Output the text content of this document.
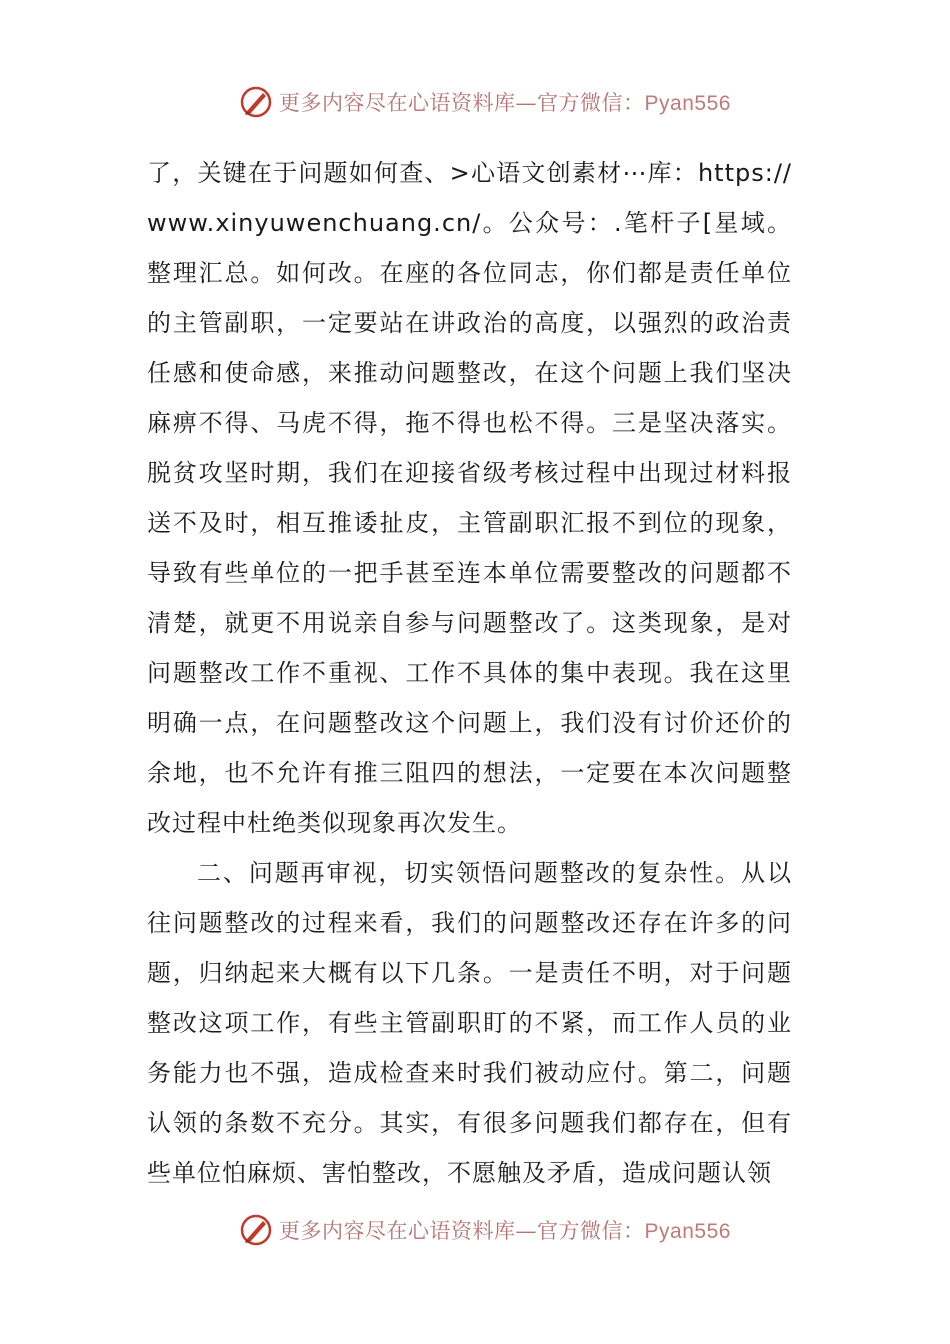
更多内容尽在心语资料库—官方微信：Pyan556

了，关键在于问题如何查、>心语文创素材⋯库：https://www.xinyuwenchuang.cn/。公众号：.笔杆子[星域。整理汇总。如何改。在座的各位同志，你们都是责任单位的主管副职，一定要站在讲政治的高度，以强烈的政治责任感和使命感，来推动问题整改，在这个问题上我们坚决麻痹不得、马虎不得，拖不得也松不得。三是坚决落实。脱贫攻坚时期，我们在迎接省级考核过程中出现过材料报送不及时，相互推诿扯皮，主管副职汇报不到位的现象，导致有些单位的一把手甚至连本单位需要整改的问题都不清楚，就更不用说亲自参与问题整改了。这类现象，是对问题整改工作不重视、工作不具体的集中表现。我在这里明确一点，在问题整改这个问题上，我们没有讨价还价的余地，也不允许有推三阻四的想法，一定要在本次问题整改过程中杜绝类似现象再次发生。

二、问题再审视，切实领悟问题整改的复杂性。从以往问题整改的过程来看，我们的问题整改还存在许多的问题，归纳起来大概有以下几条。一是责任不明，对于问题整改这项工作，有些主管副职盯的不紧，而工作人员的业务能力也不强，造成检查来时我们被动应付。第二，问题认领的条数不充分。其实，有很多问题我们都存在，但有些单位怕麻烦、害怕整改，不愿触及矛盾，造成问题认领

更多内容尽在心语资料库—官方微信：Pyan556
